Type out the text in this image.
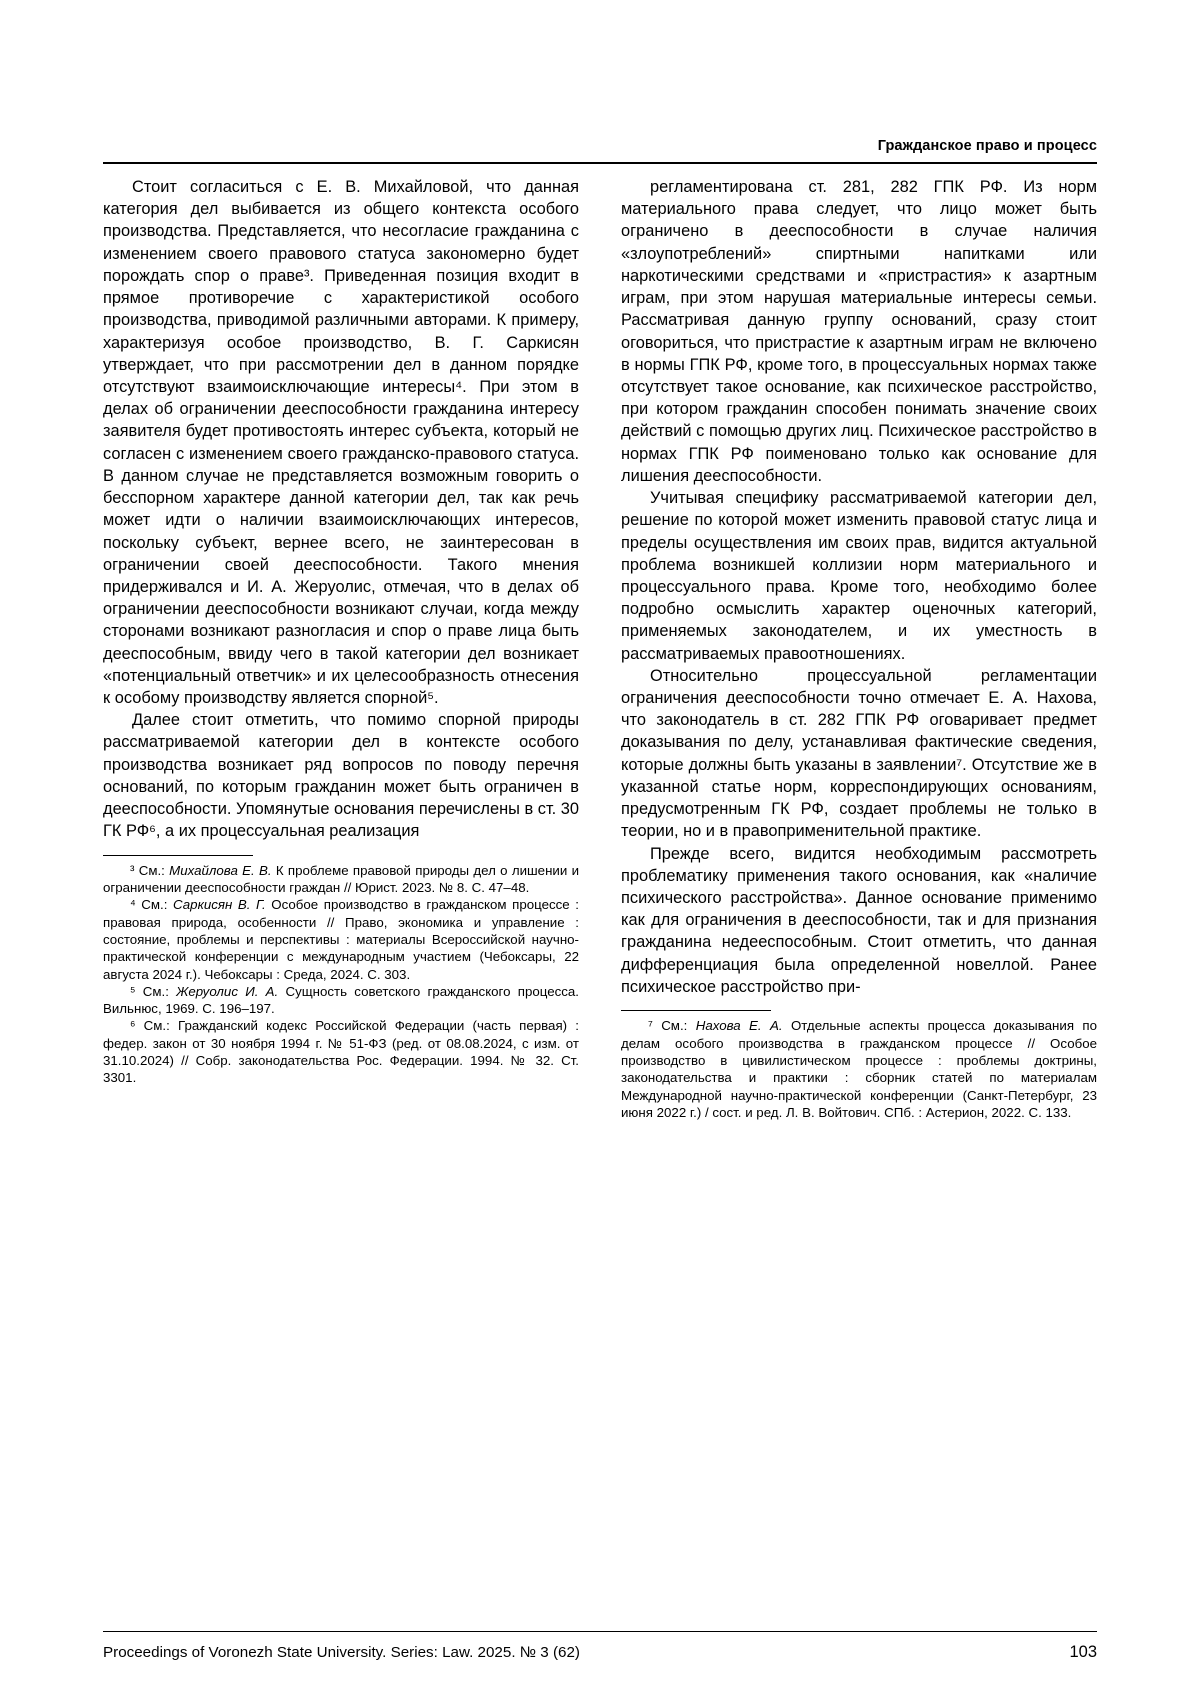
Гражданское право и процесс

Стоит согласиться с Е. В. Михайловой, что данная категория дел выбивается из общего контекста особого производства. Представляется, что несогласие гражданина с изменением своего правового статуса закономерно будет порождать спор о праве³. Приведенная позиция входит в прямое противоречие с характеристикой особого производства, приводимой различными авторами. К примеру, характеризуя особое производство, В. Г. Саркисян утверждает, что при рассмотрении дел в данном порядке отсутствуют взаимоисключающие интересы⁴. При этом в делах об ограничении дееспособности гражданина интересу заявителя будет противостоять интерес субъекта, который не согласен с изменением своего гражданско-правового статуса. В данном случае не представляется возможным говорить о бесспорном характере данной категории дел, так как речь может идти о наличии взаимоисключающих интересов, поскольку субъект, вернее всего, не заинтересован в ограничении своей дееспособности. Такого мнения придерживался и И. А. Жеруолис, отмечая, что в делах об ограничении дееспособности возникают случаи, когда между сторонами возникают разногласия и спор о праве лица быть дееспособным, ввиду чего в такой категории дел возникает «потенциальный ответчик» и их целесообразность отнесения к особому производству является спорной⁵.

Далее стоит отметить, что помимо спорной природы рассматриваемой категории дел в контексте особого производства возникает ряд вопросов по поводу перечня оснований, по которым гражданин может быть ограничен в дееспособности. Упомянутые основания перечислены в ст. 30 ГК РФ⁶, а их процессуальная реализация

³ См.: Михайлова Е. В. К проблеме правовой природы дел о лишении и ограничении дееспособности граждан // Юрист. 2023. № 8. С. 47–48.

⁴ См.: Саркисян В. Г. Особое производство в гражданском процессе : правовая природа, особенности // Право, экономика и управление : состояние, проблемы и перспективы : материалы Всероссийской научно-практической конференции с международным участием (Чебоксары, 22 августа 2024 г.). Чебоксары : Среда, 2024. С. 303.

⁵ См.: Жеруолис И. А. Сущность советского гражданского процесса. Вильнюс, 1969. С. 196–197.

⁶ См.: Гражданский кодекс Российской Федерации (часть первая) : федер. закон от 30 ноября 1994 г. № 51-ФЗ (ред. от 08.08.2024, с изм. от 31.10.2024) // Собр. законодательства Рос. Федерации. 1994. № 32. Ст. 3301.

регламентирована ст. 281, 282 ГПК РФ. Из норм материального права следует, что лицо может быть ограничено в дееспособности в случае наличия «злоупотреблений» спиртными напитками или наркотическими средствами и «пристрастия» к азартным играм, при этом нарушая материальные интересы семьи. Рассматривая данную группу оснований, сразу стоит оговориться, что пристрастие к азартным играм не включено в нормы ГПК РФ, кроме того, в процессуальных нормах также отсутствует такое основание, как психическое расстройство, при котором гражданин способен понимать значение своих действий с помощью других лиц. Психическое расстройство в нормах ГПК РФ поименовано только как основание для лишения дееспособности.

Учитывая специфику рассматриваемой категории дел, решение по которой может изменить правовой статус лица и пределы осуществления им своих прав, видится актуальной проблема возникшей коллизии норм материального и процессуального права. Кроме того, необходимо более подробно осмыслить характер оценочных категорий, применяемых законодателем, и их уместность в рассматриваемых правоотношениях.

Относительно процессуальной регламентации ограничения дееспособности точно отмечает Е. А. Нахова, что законодатель в ст. 282 ГПК РФ оговаривает предмет доказывания по делу, устанавливая фактические сведения, которые должны быть указаны в заявлении⁷. Отсутствие же в указанной статье норм, корреспондирующих основаниям, предусмотренным ГК РФ, создает проблемы не только в теории, но и в правоприменительной практике.

Прежде всего, видится необходимым рассмотреть проблематику применения такого основания, как «наличие психического расстройства». Данное основание применимо как для ограничения в дееспособности, так и для признания гражданина недееспособным. Стоит отметить, что данная дифференциация была определенной новеллой. Ранее психическое расстройство при-

⁷ См.: Нахова Е. А. Отдельные аспекты процесса доказывания по делам особого производства в гражданском процессе // Особое производство в цивилистическом процессе : проблемы доктрины, законодательства и практики : сборник статей по материалам Международной научно-практической конференции (Санкт-Петербург, 23 июня 2022 г.) / сост. и ред. Л. В. Войтович. СПб. : Астерион, 2022. С. 133.

Proceedings of Voronezh State University. Series: Law. 2025. № 3 (62)	103
